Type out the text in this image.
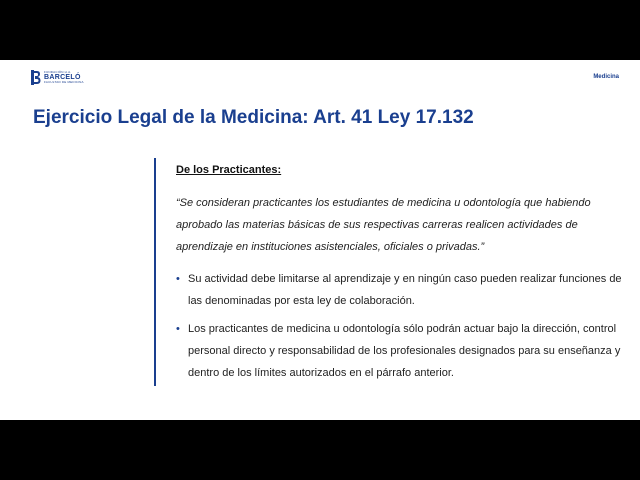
FUNDACIÓN H.A.
BARCELÓ
FACULTAD DE MEDICINA
Medicina
Ejercicio Legal de la Medicina: Art. 41 Ley 17.132

De los Practicantes:

“Se consideran practicantes los estudiantes de medicina u odontología que habiendo aprobado las materias básicas de sus respectivas carreras realicen actividades de aprendizaje en instituciones asistenciales, oficiales o privadas.”

• Su actividad debe limitarse al aprendizaje y en ningún caso pueden realizar funciones de las denominadas por esta ley de colaboración.
• Los practicantes de medicina u odontología sólo podrán actuar bajo la dirección, control personal directo y responsabilidad de los profesionales designados para su enseñanza y dentro de los límites autorizados en el párrafo anterior.
